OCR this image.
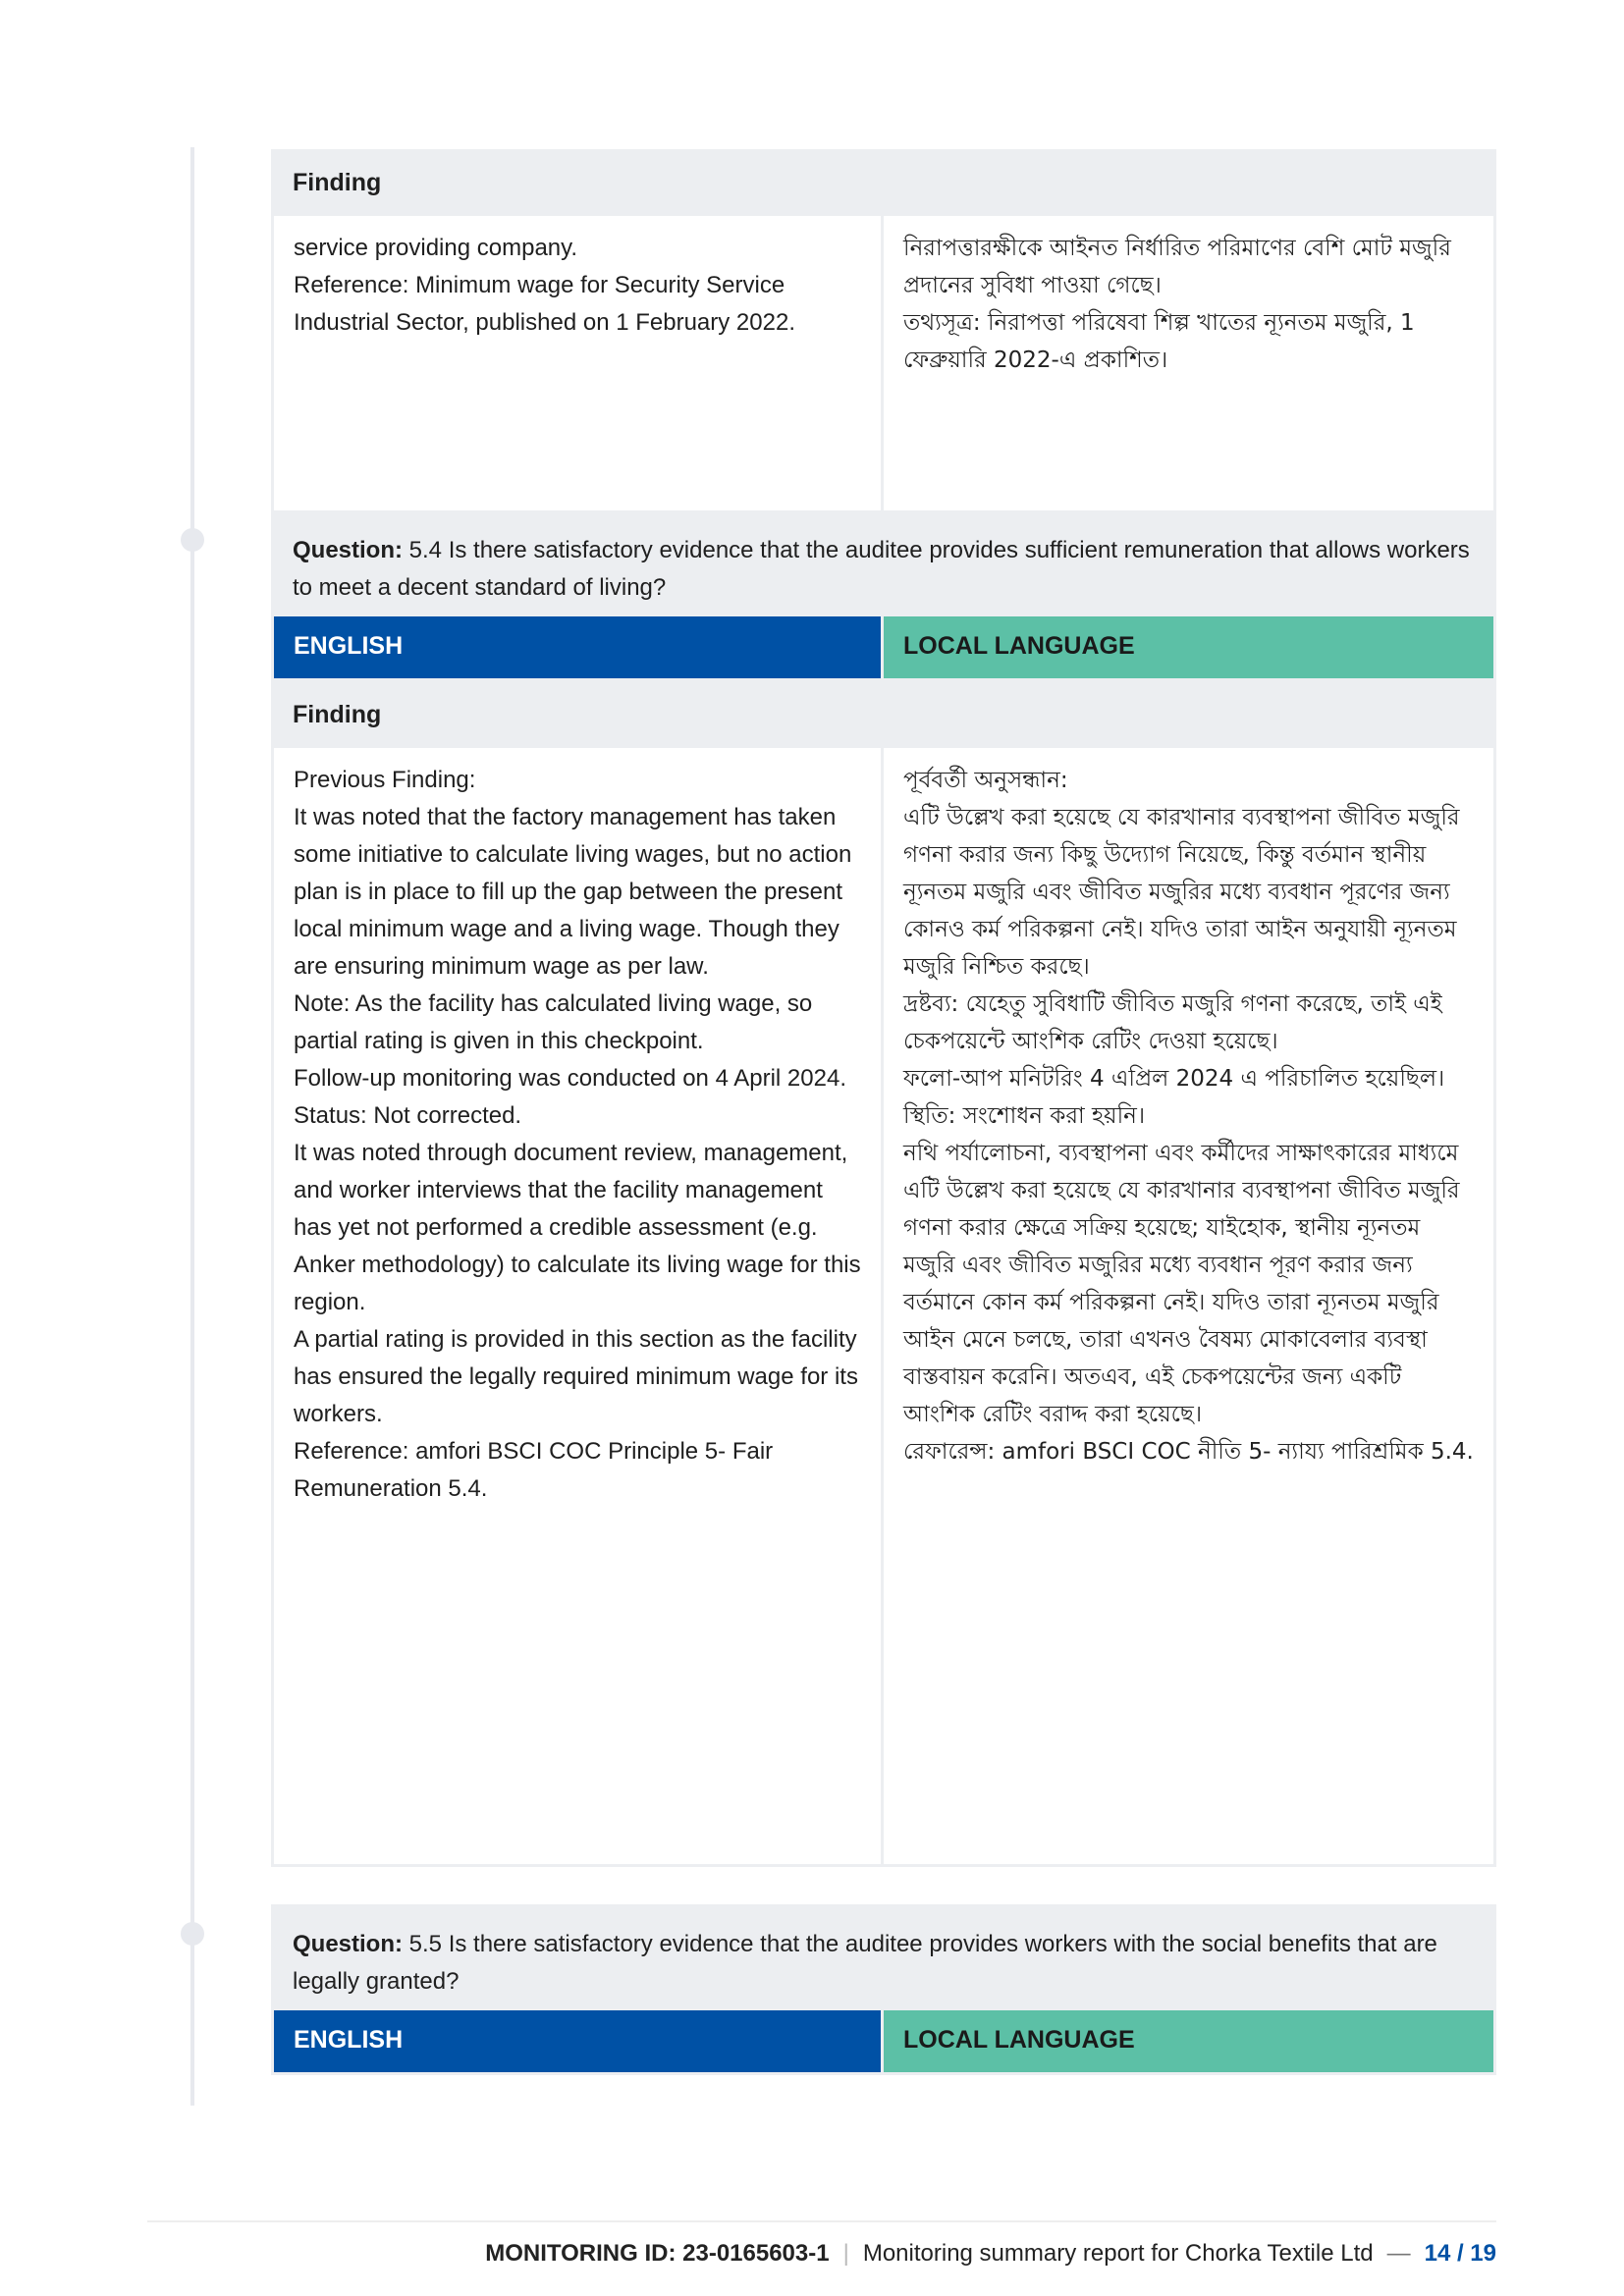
Finding
service providing company.
Reference: Minimum wage for Security Service Industrial Sector, published on 1 February 2022.
নিরাপত্তারক্ষীকে আইনত নির্ধারিত পরিমাণের বেশি মোট মজুরি প্রদানের সুবিধা পাওয়া গেছে।
তথ্যসূত্র: নিরাপত্তা পরিষেবা শিল্প খাতের ন্যূনতম মজুরি, 1 ফেব্রুয়ারি 2022-এ প্রকাশিত।
Question: 5.4 Is there satisfactory evidence that the auditee provides sufficient remuneration that allows workers to meet a decent standard of living?
ENGLISH	LOCAL LANGUAGE
Finding
Previous Finding:
It was noted that the factory management has taken some initiative to calculate living wages, but no action plan is in place to fill up the gap between the present local minimum wage and a living wage. Though they are ensuring minimum wage as per law.
Note: As the facility has calculated living wage, so partial rating is given in this checkpoint.
Follow-up monitoring was conducted on 4 April 2024.
Status: Not corrected.
It was noted through document review, management, and worker interviews that the facility management has yet not performed a credible assessment (e.g. Anker methodology) to calculate its living wage for this region.
A partial rating is provided in this section as the facility has ensured the legally required minimum wage for its workers.
Reference: amfori BSCI COC Principle 5- Fair Remuneration 5.4.
পূর্ববর্তী অনুসন্ধান:
এটি উল্লেখ করা হয়েছে যে কারখানার ব্যবস্থাপনা জীবিত মজুরি গণনা করার জন্য কিছু উদ্যোগ নিয়েছে, কিন্তু বর্তমান স্থানীয় ন্যূনতম মজুরি এবং জীবিত মজুরির মধ্যে ব্যবধান পূরণের জন্য কোনও কর্ম পরিকল্পনা নেই। যদিও তারা আইন অনুযায়ী ন্যূনতম মজুরি নিশ্চিত করছে।
দ্রষ্টব্য: যেহেতু সুবিধাটি জীবিত মজুরি গণনা করেছে, তাই এই চেকপয়েন্টে আংশিক রেটিং দেওয়া হয়েছে।
ফলো-আপ মনিটরিং 4 এপ্রিল 2024 এ পরিচালিত হয়েছিল।
স্থিতি: সংশোধন করা হয়নি।
নথি পর্যালোচনা, ব্যবস্থাপনা এবং কর্মীদের সাক্ষাৎকারের মাধ্যমে এটি উল্লেখ করা হয়েছে যে কারখানার ব্যবস্থাপনা জীবিত মজুরি গণনা করার ক্ষেত্রে সক্রিয় হয়েছে; যাইহোক, স্থানীয় ন্যূনতম মজুরি এবং জীবিত মজুরির মধ্যে ব্যবধান পূরণ করার জন্য বর্তমানে কোন কর্ম পরিকল্পনা নেই। যদিও তারা ন্যূনতম মজুরি আইন মেনে চলছে, তারা এখনও বৈষম্য মোকাবেলার ব্যবস্থা বাস্তবায়ন করেনি। অতএব, এই চেকপয়েন্টের জন্য একটি আংশিক রেটিং বরাদ্দ করা হয়েছে।
রেফারেন্স: amfori BSCI COC নীতি 5- ন্যায্য পারিশ্রমিক 5.4.
Question: 5.5 Is there satisfactory evidence that the auditee provides workers with the social benefits that are legally granted?
ENGLISH	LOCAL LANGUAGE
MONITORING ID: 23-0165603-1 | Monitoring summary report for Chorka Textile Ltd — 14 / 19
